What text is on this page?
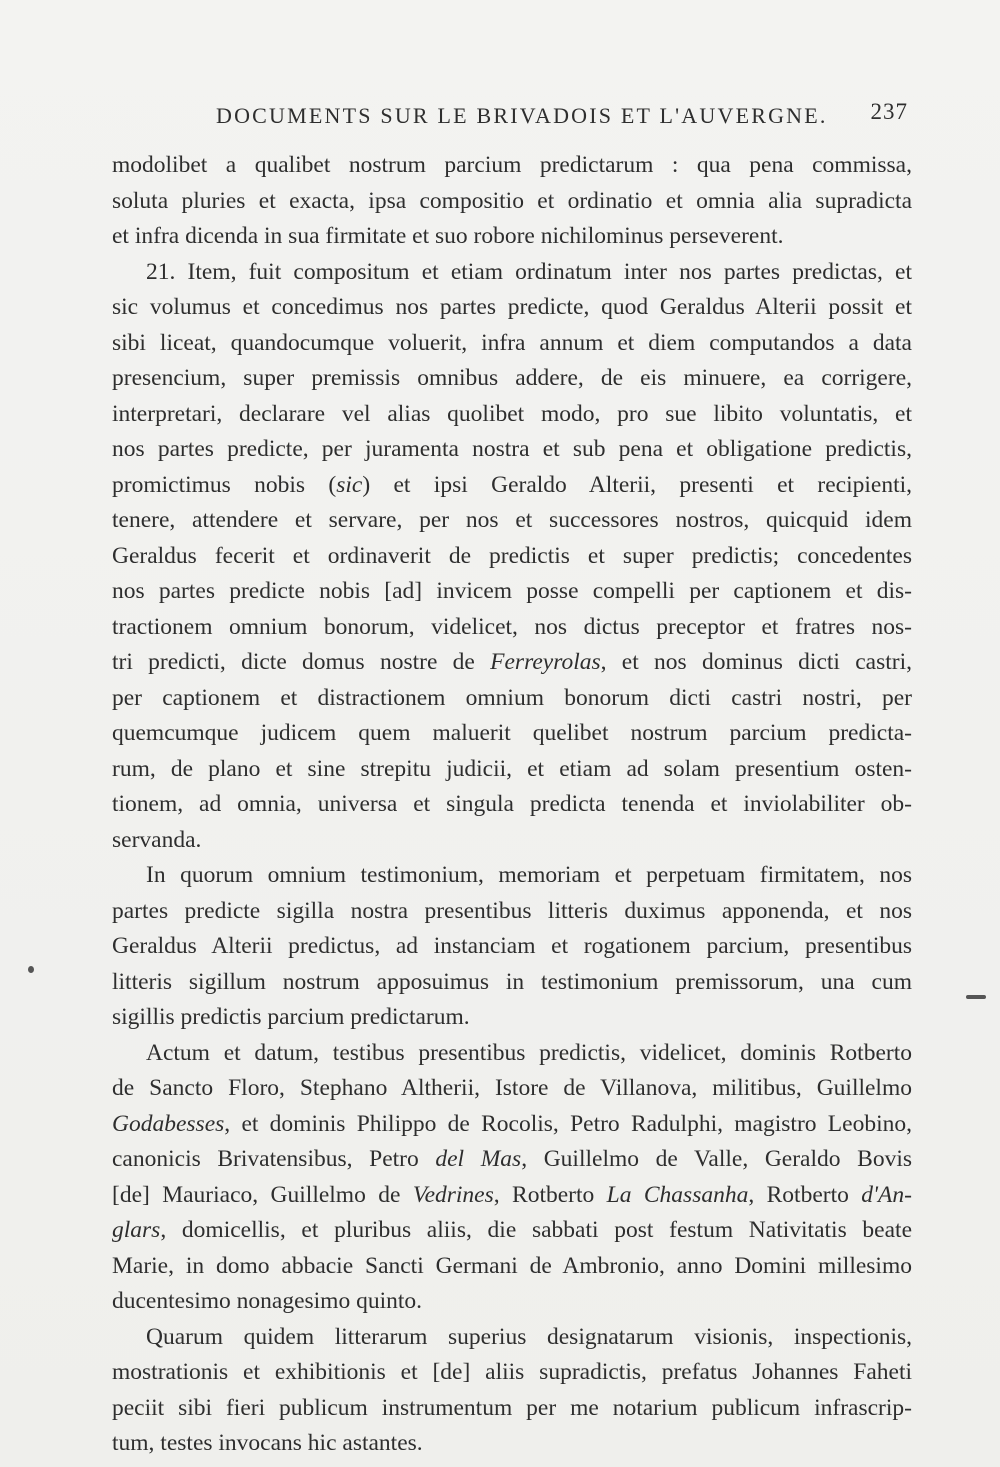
DOCUMENTS SUR LE BRIVADOIS ET L'AUVERGNE. 237
modolibet a qualibet nostrum parcium predictarum : qua pena commissa,
soluta pluries et exacta, ipsa compositio et ordinatio et omnia alia supradicta
et infra dicenda in sua firmitate et suo robore nichilominus perseverent.
21. Item, fuit compositum et etiam ordinatum inter nos partes predictas, et
sic volumus et concedimus nos partes predicte, quod Geraldus Alterii possit et
sibi liceat, quandocumque voluerit, infra annum et diem computandos a data
presencium, super premissis omnibus addere, de eis minuere, ea corrigere,
interpretari, declarare vel alias quolibet modo, pro sue libito voluntatis, et
nos partes predicte, per juramenta nostra et sub pena et obligatione predictis,
promictimus nobis (sic) et ipsi Geraldo Alterii, presenti et recipienti,
tenere, attendere et servare, per nos et successores nostros, quicquid idem
Geraldus fecerit et ordinaverit de predictis et super predictis; concedentes
nos partes predicte nobis [ad] invicem posse compelli per captionem et dis-
tractionem omnium bonorum, videlicet, nos dictus preceptor et fratres nos-
tri predicti, dicte domus nostre de Ferreyrolas, et nos dominus dicti castri,
per captionem et distractionem omnium bonorum dicti castri nostri, per
quemcumque judicem quem maluerit quelibet nostrum parcium predicta-
rum, de plano et sine strepitu judicii, et etiam ad solam presentium osten-
tionem, ad omnia, universa et singula predicta tenenda et inviolabiliter ob-
servanda.
In quorum omnium testimonium, memoriam et perpetuam firmitatem, nos
partes predicte sigilla nostra presentibus litteris duximus apponenda, et nos
Geraldus Alterii predictus, ad instanciam et rogationem parcium, presentibus
litteris sigillum nostrum apposuimus in testimonium premissorum, una cum
sigillis predictis parcium predictarum.
Actum et datum, testibus presentibus predictis, videlicet, dominis Rotberto
de Sancto Floro, Stephano Altherii, Istore de Villanova, militibus, Guillelmo
Godabesses, et dominis Philippo de Rocolis, Petro Radulphi, magistro Leobino,
canonicis Brivatensibus, Petro del Mas, Guillelmo de Valle, Geraldo Bovis
[de] Mauriaco, Guillelmo de Vedrines, Rotberto La Chassanha, Rotberto d'An-
glars, domicellis, et pluribus aliis, die sabbati post festum Nativitatis beate
Marie, in domo abbacie Sancti Germani de Ambronio, anno Domini millesimo
ducentesimo nonagesimo quinto.
Quarum quidem litterarum superius designatarum visionis, inspectionis,
mostrationis et exhibitionis et [de] aliis supradictis, prefatus Johannes Faheti
peciit sibi fieri publicum instrumentum per me notarium publicum infrascrip-
tum, testes invocans hic astantes.
